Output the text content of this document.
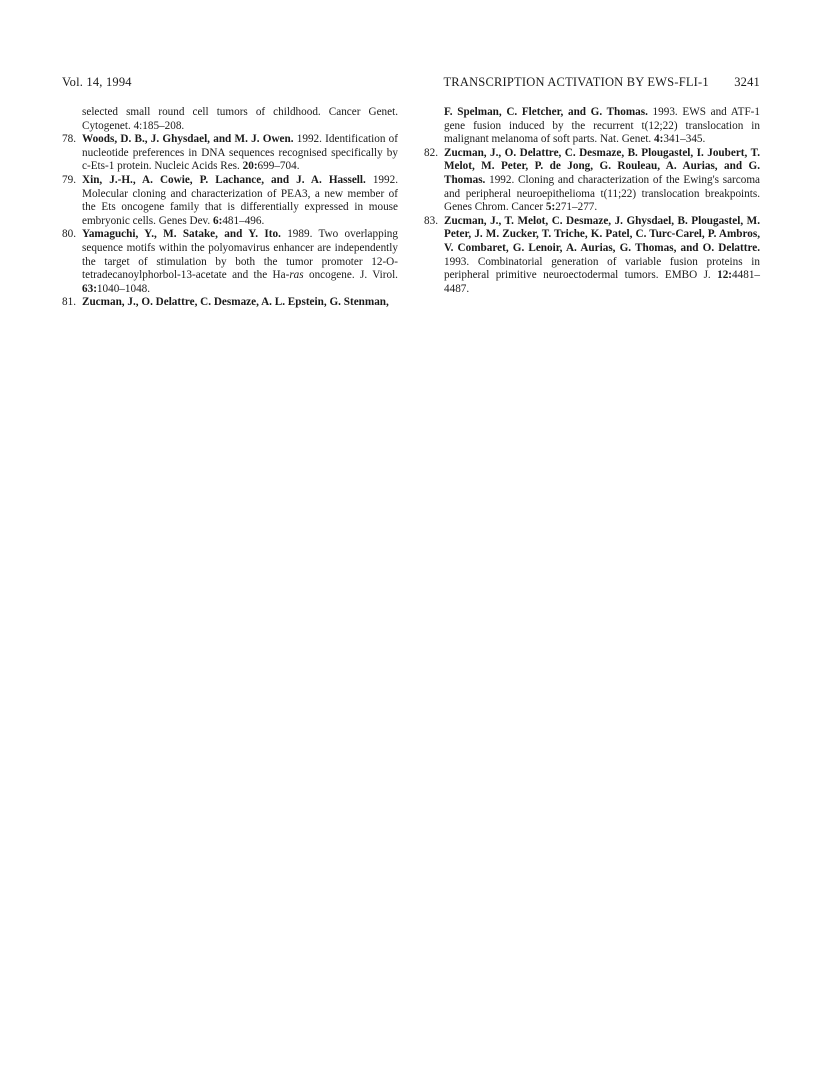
Vol. 14, 1994	TRANSCRIPTION ACTIVATION BY EWS-FLI-1 3241

selected small round cell tumors of childhood. Cancer Genet. Cytogenet. 4:185–208.

78. Woods, D. B., J. Ghysdael, and M. J. Owen. 1992. Identification of nucleotide preferences in DNA sequences recognised specifically by c-Ets-1 protein. Nucleic Acids Res. 20:699–704.

79. Xin, J.-H., A. Cowie, P. Lachance, and J. A. Hassell. 1992. Molecular cloning and characterization of PEA3, a new member of the Ets oncogene family that is differentially expressed in mouse embryonic cells. Genes Dev. 6:481–496.

80. Yamaguchi, Y., M. Satake, and Y. Ito. 1989. Two overlapping sequence motifs within the polyomavirus enhancer are independently the target of stimulation by both the tumor promoter 12-O-tetradecanoylphorbol-13-acetate and the Ha-ras oncogene. J. Virol. 63:1040–1048.

81. Zucman, J., O. Delattre, C. Desmaze, A. L. Epstein, G. Stenman,

F. Spelman, C. Fletcher, and G. Thomas. 1993. EWS and ATF-1 gene fusion induced by the recurrent t(12;22) translocation in malignant melanoma of soft parts. Nat. Genet. 4:341–345.

82. Zucman, J., O. Delattre, C. Desmaze, B. Plougastel, I. Joubert, T. Melot, M. Peter, P. de Jong, G. Rouleau, A. Aurias, and G. Thomas. 1992. Cloning and characterization of the Ewing's sarcoma and peripheral neuroepithelioma t(11;22) translocation breakpoints. Genes Chrom. Cancer 5:271–277.

83. Zucman, J., T. Melot, C. Desmaze, J. Ghysdael, B. Plougastel, M. Peter, J. M. Zucker, T. Triche, K. Patel, C. Turc-Carel, P. Ambros, V. Combaret, G. Lenoir, A. Aurias, G. Thomas, and O. Delattre. 1993. Combinatorial generation of variable fusion proteins in peripheral primitive neuroectodermal tumors. EMBO J. 12:4481–4487.
